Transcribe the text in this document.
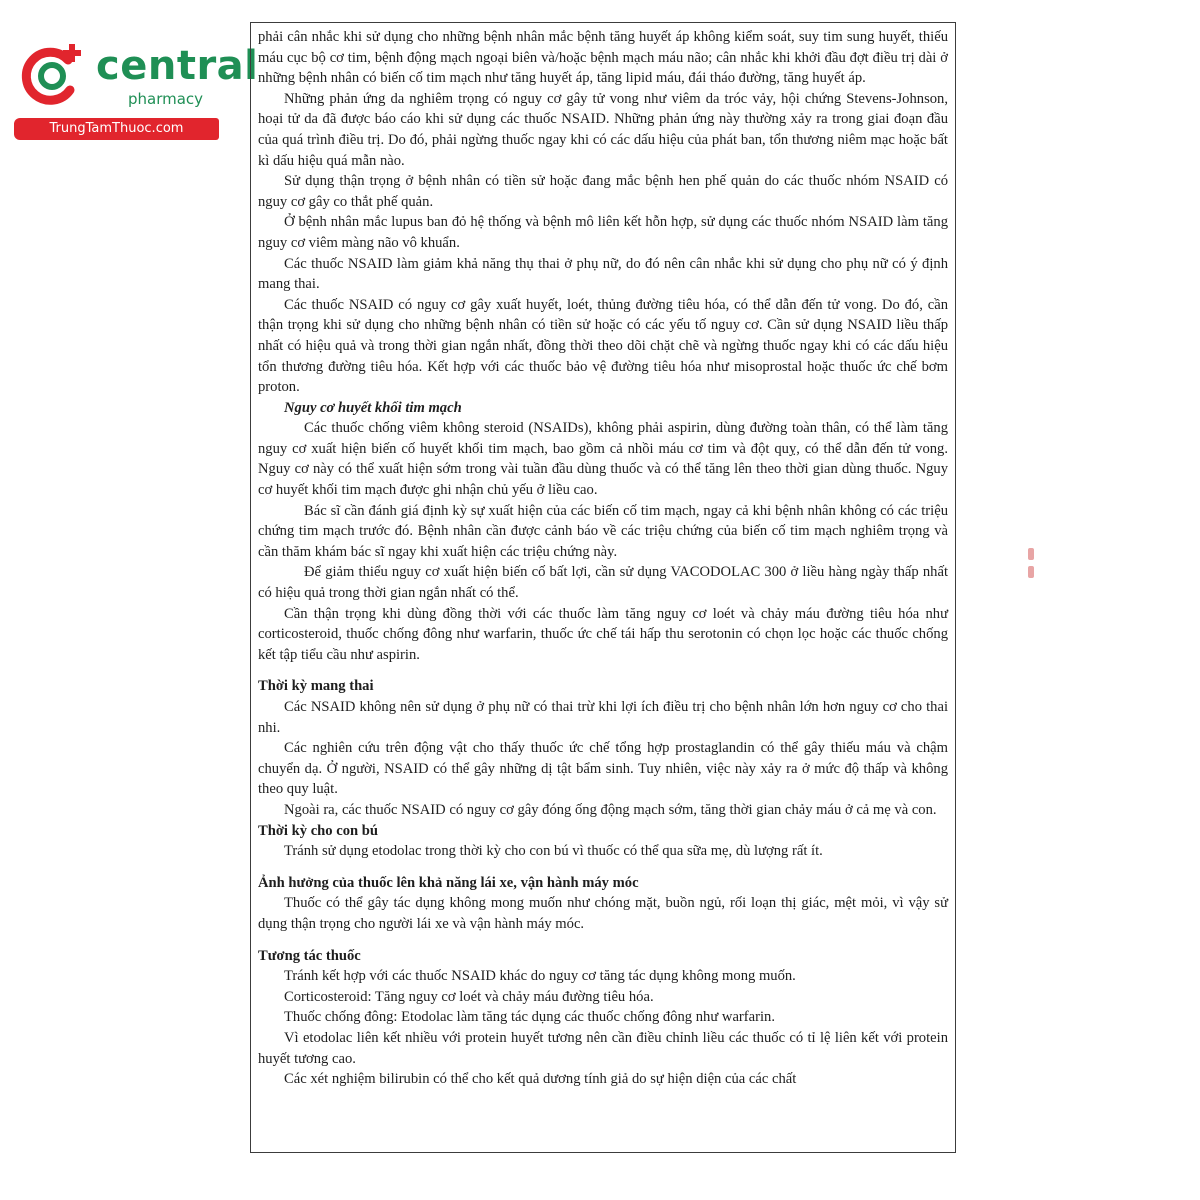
central
pharmacy
TrungTamThuoc.com

phải cân nhắc khi sử dụng cho những bệnh nhân mắc bệnh tăng huyết áp không kiểm soát, suy tim sung huyết, thiếu máu cục bộ cơ tim, bệnh động mạch ngoại biên và/hoặc bệnh mạch máu não; cân nhắc khi khởi đầu đợt điều trị dài ở những bệnh nhân có biến cố tim mạch như tăng huyết áp, tăng lipid máu, đái tháo đường, tăng huyết áp.

Những phản ứng da nghiêm trọng có nguy cơ gây tử vong như viêm da tróc vảy, hội chứng Stevens-Johnson, hoại tử da đã được báo cáo khi sử dụng các thuốc NSAID. Những phản ứng này thường xảy ra trong giai đoạn đầu của quá trình điều trị. Do đó, phải ngừng thuốc ngay khi có các dấu hiệu của phát ban, tổn thương niêm mạc hoặc bất kì dấu hiệu quá mẫn nào.

Sử dụng thận trọng ở bệnh nhân có tiền sử hoặc đang mắc bệnh hen phế quản do các thuốc nhóm NSAID có nguy cơ gây co thắt phế quản.

Ở bệnh nhân mắc lupus ban đỏ hệ thống và bệnh mô liên kết hỗn hợp, sử dụng các thuốc nhóm NSAID làm tăng nguy cơ viêm màng não vô khuẩn.

Các thuốc NSAID làm giảm khả năng thụ thai ở phụ nữ, do đó nên cân nhắc khi sử dụng cho phụ nữ có ý định mang thai.

Các thuốc NSAID có nguy cơ gây xuất huyết, loét, thủng đường tiêu hóa, có thể dẫn đến tử vong. Do đó, cần thận trọng khi sử dụng cho những bệnh nhân có tiền sử hoặc có các yếu tố nguy cơ. Cần sử dụng NSAID liều thấp nhất có hiệu quả và trong thời gian ngắn nhất, đồng thời theo dõi chặt chẽ và ngừng thuốc ngay khi có các dấu hiệu tổn thương đường tiêu hóa. Kết hợp với các thuốc bảo vệ đường tiêu hóa như misoprostal hoặc thuốc ức chế bơm proton.

Nguy cơ huyết khối tim mạch

Các thuốc chống viêm không steroid (NSAIDs), không phải aspirin, dùng đường toàn thân, có thể làm tăng nguy cơ xuất hiện biến cố huyết khối tim mạch, bao gồm cả nhồi máu cơ tim và đột quỵ, có thể dẫn đến tử vong. Nguy cơ này có thể xuất hiện sớm trong vài tuần đầu dùng thuốc và có thể tăng lên theo thời gian dùng thuốc. Nguy cơ huyết khối tim mạch được ghi nhận chủ yếu ở liều cao.

Bác sĩ cần đánh giá định kỳ sự xuất hiện của các biến cố tim mạch, ngay cả khi bệnh nhân không có các triệu chứng tim mạch trước đó. Bệnh nhân cần được cảnh báo về các triệu chứng của biến cố tim mạch nghiêm trọng và cần thăm khám bác sĩ ngay khi xuất hiện các triệu chứng này.

Để giảm thiểu nguy cơ xuất hiện biến cố bất lợi, cần sử dụng VACODOLAC 300 ở liều hàng ngày thấp nhất có hiệu quả trong thời gian ngắn nhất có thể.

Cần thận trọng khi dùng đồng thời với các thuốc làm tăng nguy cơ loét và chảy máu đường tiêu hóa như corticosteroid, thuốc chống đông như warfarin, thuốc ức chế tái hấp thu serotonin có chọn lọc hoặc các thuốc chống kết tập tiểu cầu như aspirin.

Thời kỳ mang thai

Các NSAID không nên sử dụng ở phụ nữ có thai trừ khi lợi ích điều trị cho bệnh nhân lớn hơn nguy cơ cho thai nhi.

Các nghiên cứu trên động vật cho thấy thuốc ức chế tổng hợp prostaglandin có thể gây thiếu máu và chậm chuyển dạ. Ở người, NSAID có thể gây những dị tật bẩm sinh. Tuy nhiên, việc này xảy ra ở mức độ thấp và không theo quy luật.

Ngoài ra, các thuốc NSAID có nguy cơ gây đóng ống động mạch sớm, tăng thời gian chảy máu ở cả mẹ và con.

Thời kỳ cho con bú

Tránh sử dụng etodolac trong thời kỳ cho con bú vì thuốc có thể qua sữa mẹ, dù lượng rất ít.

Ảnh hưởng của thuốc lên khả năng lái xe, vận hành máy móc

Thuốc có thể gây tác dụng không mong muốn như chóng mặt, buồn ngủ, rối loạn thị giác, mệt mỏi, vì vậy sử dụng thận trọng cho người lái xe và vận hành máy móc.

Tương tác thuốc

Tránh kết hợp với các thuốc NSAID khác do nguy cơ tăng tác dụng không mong muốn.

Corticosteroid: Tăng nguy cơ loét và chảy máu đường tiêu hóa.

Thuốc chống đông: Etodolac làm tăng tác dụng các thuốc chống đông như warfarin.

Vì etodolac liên kết nhiều với protein huyết tương nên cần điều chỉnh liều các thuốc có tỉ lệ liên kết với protein huyết tương cao.

Các xét nghiệm bilirubin có thể cho kết quả dương tính giả do sự hiện diện của các chất
